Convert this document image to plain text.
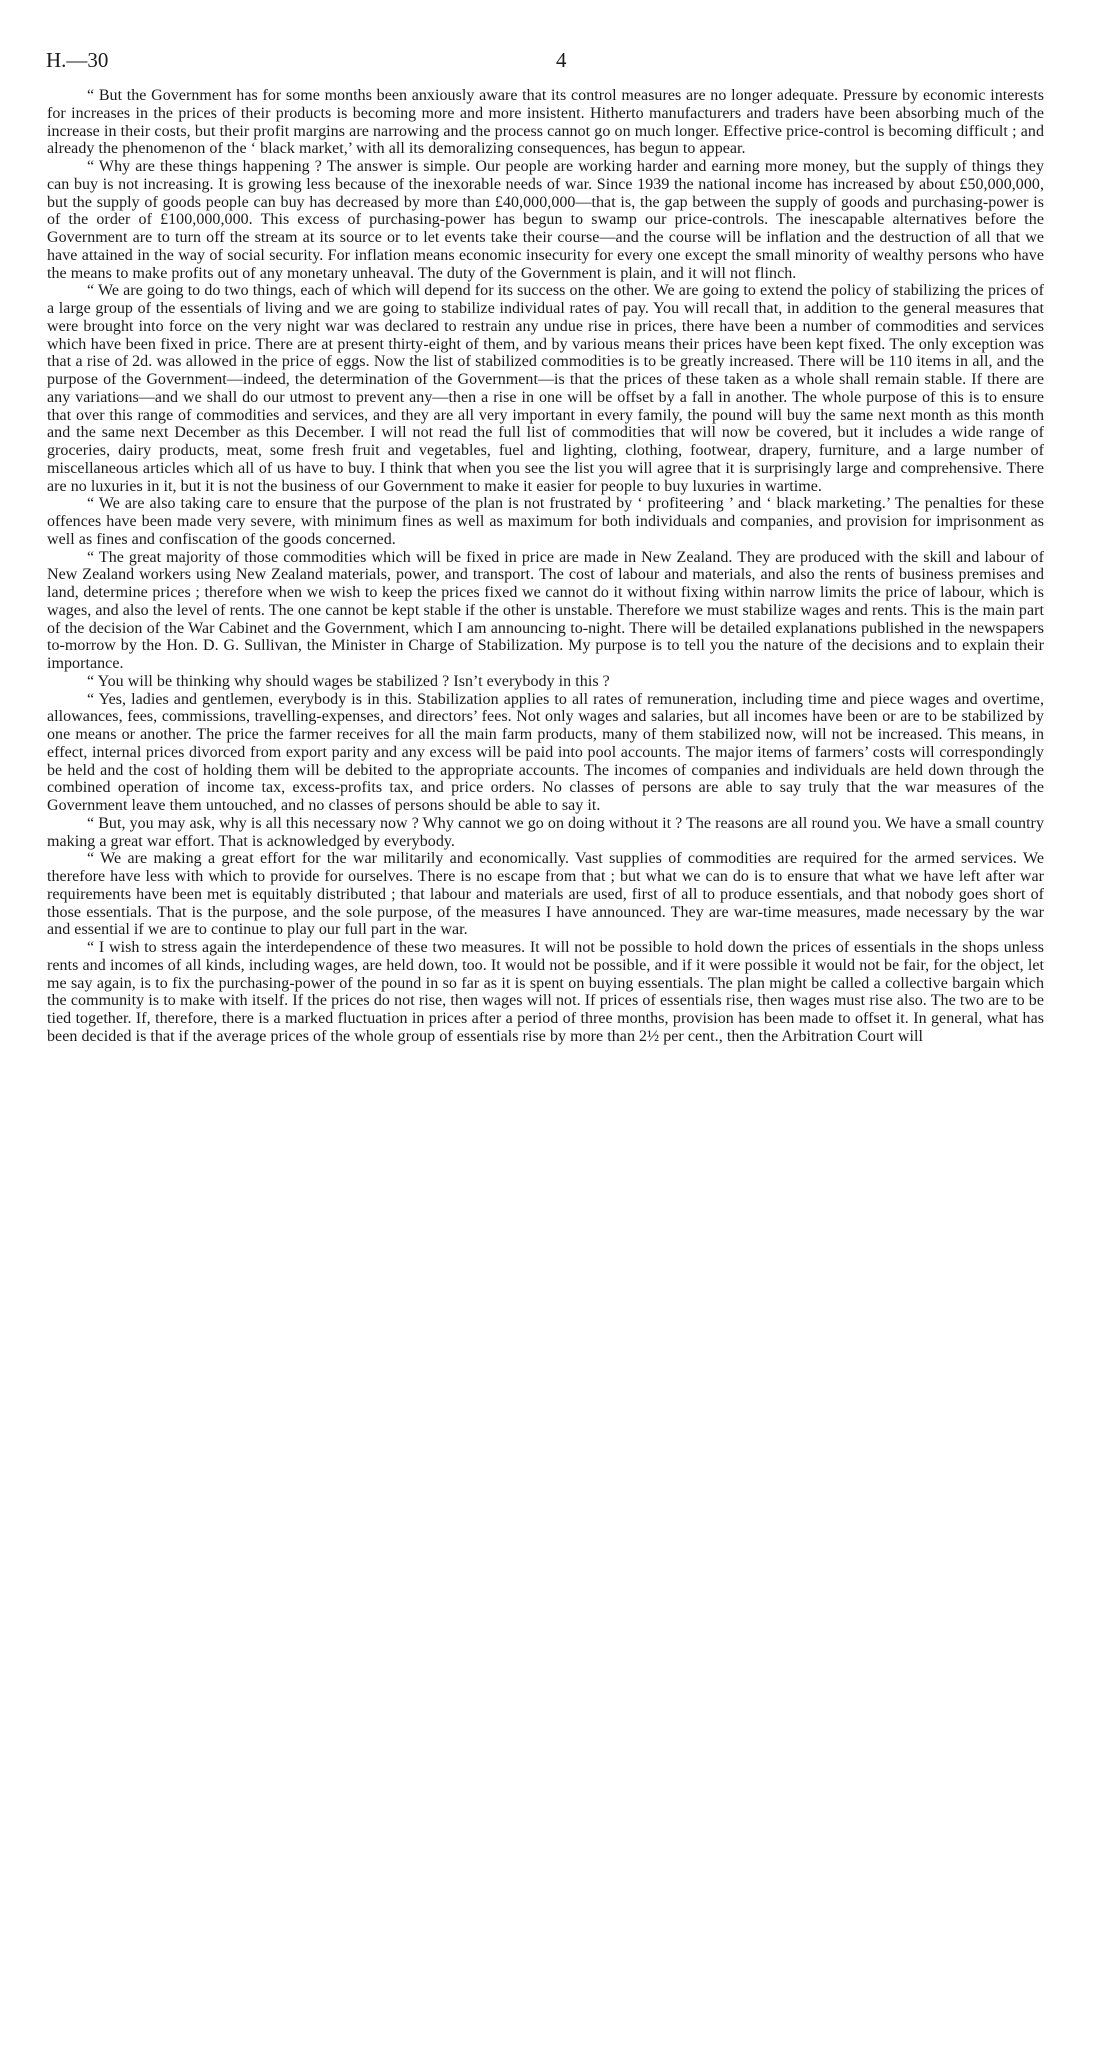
H.—30	4

“ But the Government has for some months been anxiously aware that its control measures are no longer adequate. Pressure by economic interests for increases in the prices of their products is becoming more and more insistent. Hitherto manufacturers and traders have been absorbing much of the increase in their costs, but their profit margins are narrowing and the process cannot go on much longer. Effective price-control is becoming difficult ; and already the phenomenon of the ‘ black market,’ with all its demoralizing consequences, has begun to appear.

“ Why are these things happening ? The answer is simple. Our people are working harder and earning more money, but the supply of things they can buy is not increasing. It is growing less because of the inexorable needs of war. Since 1939 the national income has increased by about £50,000,000, but the supply of goods people can buy has decreased by more than £40,000,000—that is, the gap between the supply of goods and purchasing-power is of the order of £100,000,000. This excess of purchasing-power has begun to swamp our price-controls. The inescapable alternatives before the Government are to turn off the stream at its source or to let events take their course—and the course will be inflation and the destruction of all that we have attained in the way of social security. For inflation means economic insecurity for every one except the small minority of wealthy persons who have the means to make profits out of any monetary unheaval. The duty of the Government is plain, and it will not flinch.

“ We are going to do two things, each of which will depend for its success on the other. We are going to extend the policy of stabilizing the prices of a large group of the essentials of living and we are going to stabilize individual rates of pay. You will recall that, in addition to the general measures that were brought into force on the very night war was declared to restrain any undue rise in prices, there have been a number of commodities and services which have been fixed in price. There are at present thirty-eight of them, and by various means their prices have been kept fixed. The only exception was that a rise of 2d. was allowed in the price of eggs. Now the list of stabilized commodities is to be greatly increased. There will be 110 items in all, and the purpose of the Government—indeed, the determination of the Government—is that the prices of these taken as a whole shall remain stable. If there are any variations—and we shall do our utmost to prevent any—then a rise in one will be offset by a fall in another. The whole purpose of this is to ensure that over this range of commodities and services, and they are all very important in every family, the pound will buy the same next month as this month and the same next December as this December. I will not read the full list of commodities that will now be covered, but it includes a wide range of groceries, dairy products, meat, some fresh fruit and vegetables, fuel and lighting, clothing, footwear, drapery, furniture, and a large number of miscellaneous articles which all of us have to buy. I think that when you see the list you will agree that it is surprisingly large and comprehensive. There are no luxuries in it, but it is not the business of our Government to make it easier for people to buy luxuries in wartime.

“ We are also taking care to ensure that the purpose of the plan is not frustrated by ‘ profiteering ’ and ‘ black marketing.’ The penalties for these offences have been made very severe, with minimum fines as well as maximum for both individuals and companies, and provision for imprisonment as well as fines and confiscation of the goods concerned.

“ The great majority of those commodities which will be fixed in price are made in New Zealand. They are produced with the skill and labour of New Zealand workers using New Zealand materials, power, and transport. The cost of labour and materials, and also the rents of business premises and land, determine prices ; therefore when we wish to keep the prices fixed we cannot do it without fixing within narrow limits the price of labour, which is wages, and also the level of rents. The one cannot be kept stable if the other is unstable. Therefore we must stabilize wages and rents. This is the main part of the decision of the War Cabinet and the Government, which I am announcing to-night. There will be detailed explanations published in the newspapers to-morrow by the Hon. D. G. Sullivan, the Minister in Charge of Stabilization. My purpose is to tell you the nature of the decisions and to explain their importance.

“ You will be thinking why should wages be stabilized ? Isn’t everybody in this ?

“ Yes, ladies and gentlemen, everybody is in this. Stabilization applies to all rates of remuneration, including time and piece wages and overtime, allowances, fees, commissions, travelling-expenses, and directors’ fees. Not only wages and salaries, but all incomes have been or are to be stabilized by one means or another. The price the farmer receives for all the main farm products, many of them stabilized now, will not be increased. This means, in effect, internal prices divorced from export parity and any excess will be paid into pool accounts. The major items of farmers’ costs will correspondingly be held and the cost of holding them will be debited to the appropriate accounts. The incomes of companies and individuals are held down through the combined operation of income tax, excess-profits tax, and price orders. No classes of persons are able to say truly that the war measures of the Government leave them untouched, and no classes of persons should be able to say it.

“ But, you may ask, why is all this necessary now ? Why cannot we go on doing without it ? The reasons are all round you. We have a small country making a great war effort. That is acknowledged by everybody.

“ We are making a great effort for the war militarily and economically. Vast supplies of commodities are required for the armed services. We therefore have less with which to provide for ourselves. There is no escape from that ; but what we can do is to ensure that what we have left after war requirements have been met is equitably distributed ; that labour and materials are used, first of all to produce essentials, and that nobody goes short of those essentials. That is the purpose, and the sole purpose, of the measures I have announced. They are war-time measures, made necessary by the war and essential if we are to continue to play our full part in the war.

“ I wish to stress again the interdependence of these two measures. It will not be possible to hold down the prices of essentials in the shops unless rents and incomes of all kinds, including wages, are held down, too. It would not be possible, and if it were possible it would not be fair, for the object, let me say again, is to fix the purchasing-power of the pound in so far as it is spent on buying essentials. The plan might be called a collective bargain which the community is to make with itself. If the prices do not rise, then wages will not. If prices of essentials rise, then wages must rise also. The two are to be tied together. If, therefore, there is a marked fluctuation in prices after a period of three months, provision has been made to offset it. In general, what has been decided is that if the average prices of the whole group of essentials rise by more than 2½ per cent., then the Arbitration Court will
